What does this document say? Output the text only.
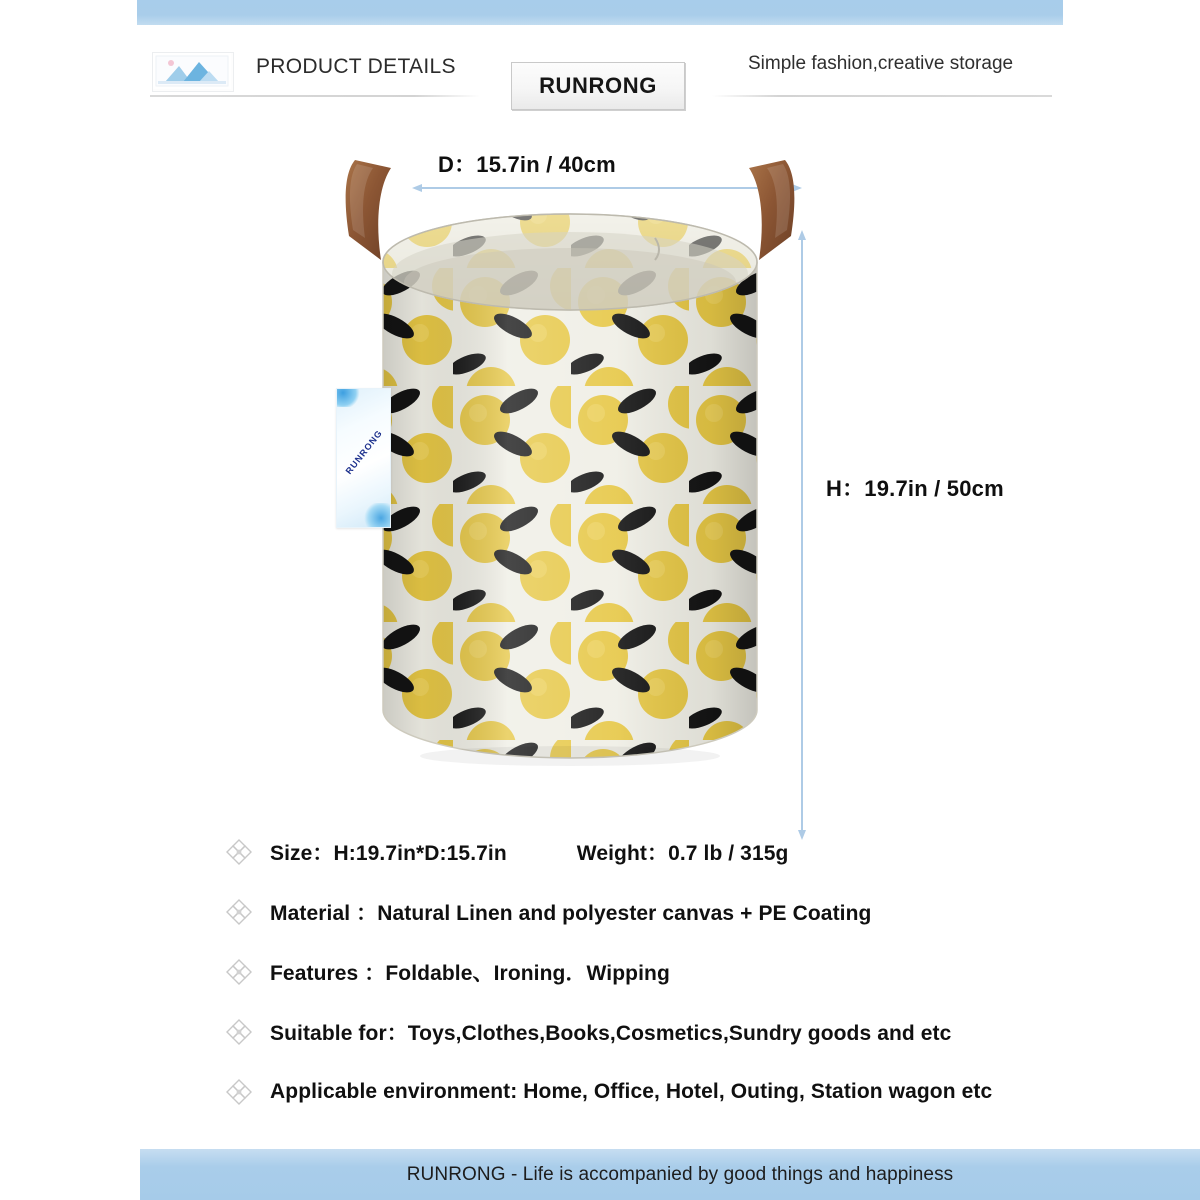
PRODUCT DETAILS
RUNRONG
Simple fashion,creative storage
D：15.7in / 40cm
H：19.7in / 50cm
RUNRONG
Size：H:19.7in*D:15.7in	Weight：0.7 lb / 315g
Material ：Natural Linen and polyester canvas + PE Coating
Features ：Foldable、Ironing．Wipping
Suitable for：Toys,Clothes,Books,Cosmetics,Sundry goods and etc
Applicable environment: Home, Office, Hotel, Outing, Station wagon etc
RUNRONG - Life is accompanied by good things and happiness
